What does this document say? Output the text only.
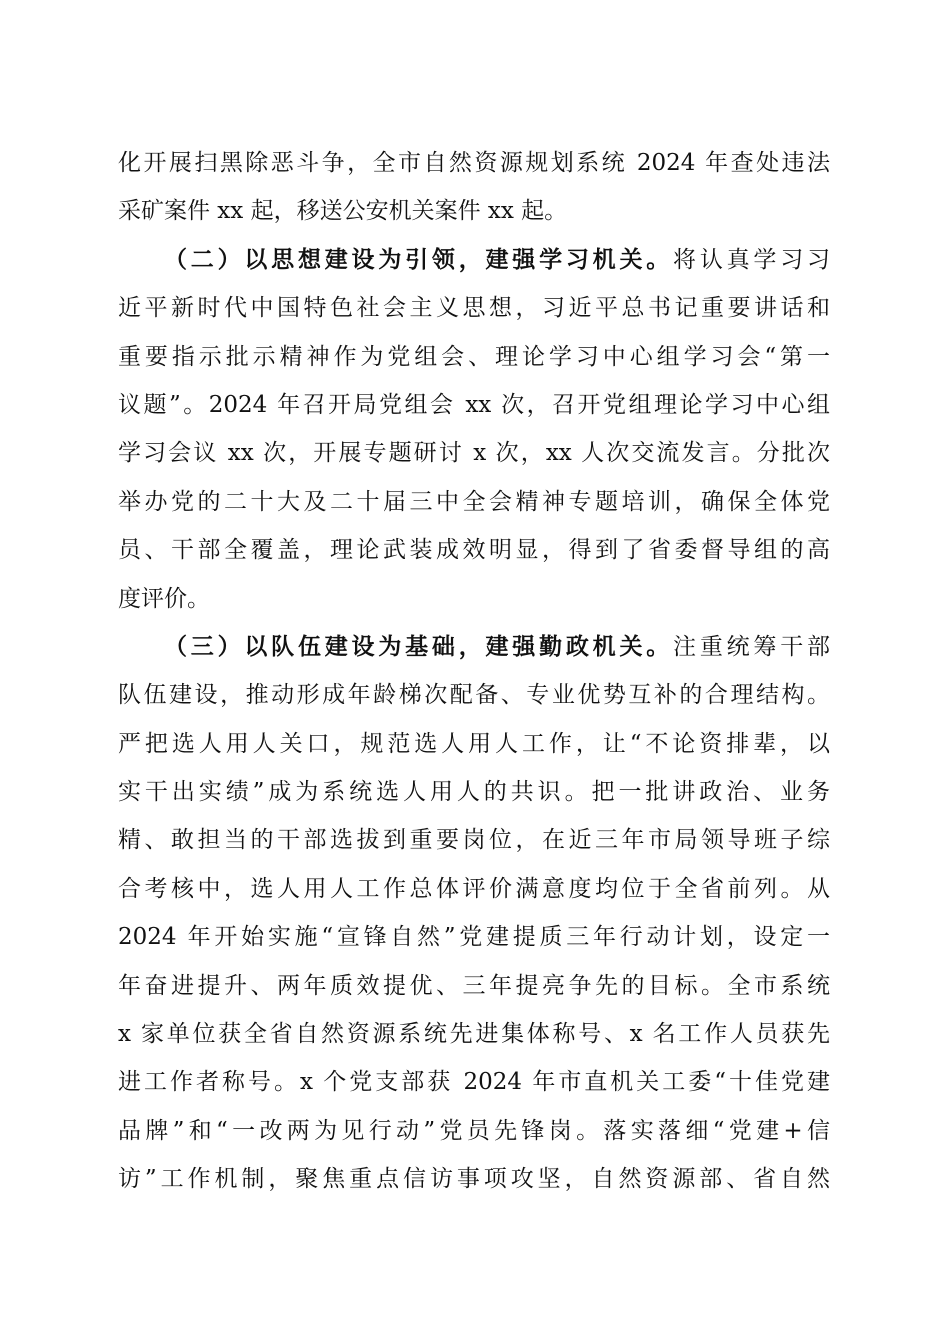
化开展扫黑除恶斗争，全市自然资源规划系统 2024 年查处违法
采矿案件 xx 起，移送公安机关案件 xx 起。
（二）以思想建设为引领，建强学习机关。将认真学习习
近平新时代中国特色社会主义思想，习近平总书记重要讲话和
重要指示批示精神作为党组会、理论学习中心组学习会“第一
议题”。2024 年召开局党组会 xx 次，召开党组理论学习中心组
学习会议 xx 次，开展专题研讨 x 次，xx 人次交流发言。分批次
举办党的二十大及二十届三中全会精神专题培训，确保全体党
员、干部全覆盖，理论武装成效明显，得到了省委督导组的高
度评价。
（三）以队伍建设为基础，建强勤政机关。注重统筹干部
队伍建设，推动形成年龄梯次配备、专业优势互补的合理结构。
严把选人用人关口，规范选人用人工作，让“不论资排辈，以
实干出实绩”成为系统选人用人的共识。把一批讲政治、业务
精、敢担当的干部选拔到重要岗位，在近三年市局领导班子综
合考核中，选人用人工作总体评价满意度均位于全省前列。从
2024 年开始实施“宣锋自然”党建提质三年行动计划，设定一
年奋进提升、两年质效提优、三年提亮争先的目标。全市系统
x 家单位获全省自然资源系统先进集体称号、x 名工作人员获先
进工作者称号。x 个党支部获 2024 年市直机关工委“十佳党建
品牌”和“一改两为见行动”党员先锋岗。落实落细“党建+信
访”工作机制，聚焦重点信访事项攻坚，自然资源部、省自然
